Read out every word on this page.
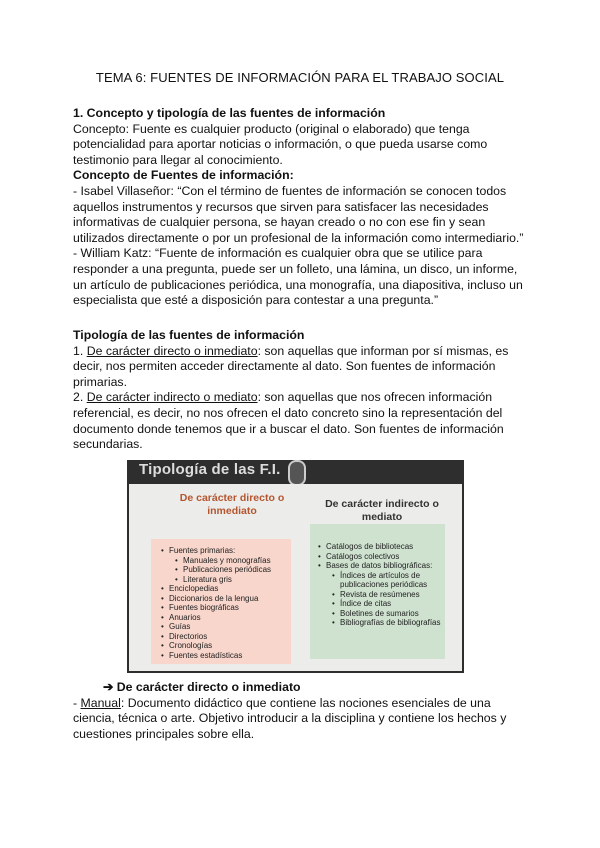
TEMA 6: FUENTES DE INFORMACIÓN PARA EL TRABAJO SOCIAL

1. Concepto y tipología de las fuentes de información

Concepto: Fuente es cualquier producto (original o elaborado) que tenga potencialidad para aportar noticias o información, o que pueda usarse como testimonio para llegar al conocimiento.

Concepto de Fuentes de información:

- Isabel Villaseñor: “Con el término de fuentes de información se conocen todos aquellos instrumentos y recursos que sirven para satisfacer las necesidades informativas de cualquier persona, se hayan creado o no con ese fin y sean utilizados directamente o por un profesional de la información como intermediario.”

- William Katz: “Fuente de información es cualquier obra que se utilice para responder a una pregunta, puede ser un folleto, una lámina, un disco, un informe, un artículo de publicaciones periódica, una monografía, una diapositiva, incluso un especialista que esté a disposición para contestar a una pregunta.”

Tipología de las fuentes de información

1. De carácter directo o inmediato: son aquellas que informan por sí mismas, es decir, nos permiten acceder directamente al dato. Son fuentes de información primarias.

2. De carácter indirecto o mediato: son aquellas que nos ofrecen información referencial, es decir, no nos ofrecen el dato concreto sino la representación del documento donde tenemos que ir a buscar el dato. Son fuentes de información secundarias.

Tipología de las F.I.
De carácter directo o inmediato
De carácter indirecto o mediato
• Fuentes primarias:
• Manuales y monografías
• Publicaciones periódicas
• Literatura gris
• Enciclopedias
• Diccionarios de la lengua
• Fuentes biográficas
• Anuarios
• Guías
• Directorios
• Cronologías
• Fuentes estadísticas
• Catálogos de bibliotecas
• Catálogos colectivos
• Bases de datos bibliográficas:
• Índices de artículos de
publicaciones periódicas
• Revista de resúmenes
• Índice de citas
• Boletines de sumarios
• Bibliografías de bibliografías

➔ De carácter directo o inmediato

- Manual: Documento didáctico que contiene las nociones esenciales de una ciencia, técnica o arte. Objetivo introducir a la disciplina y contiene los hechos y cuestiones principales sobre ella.
